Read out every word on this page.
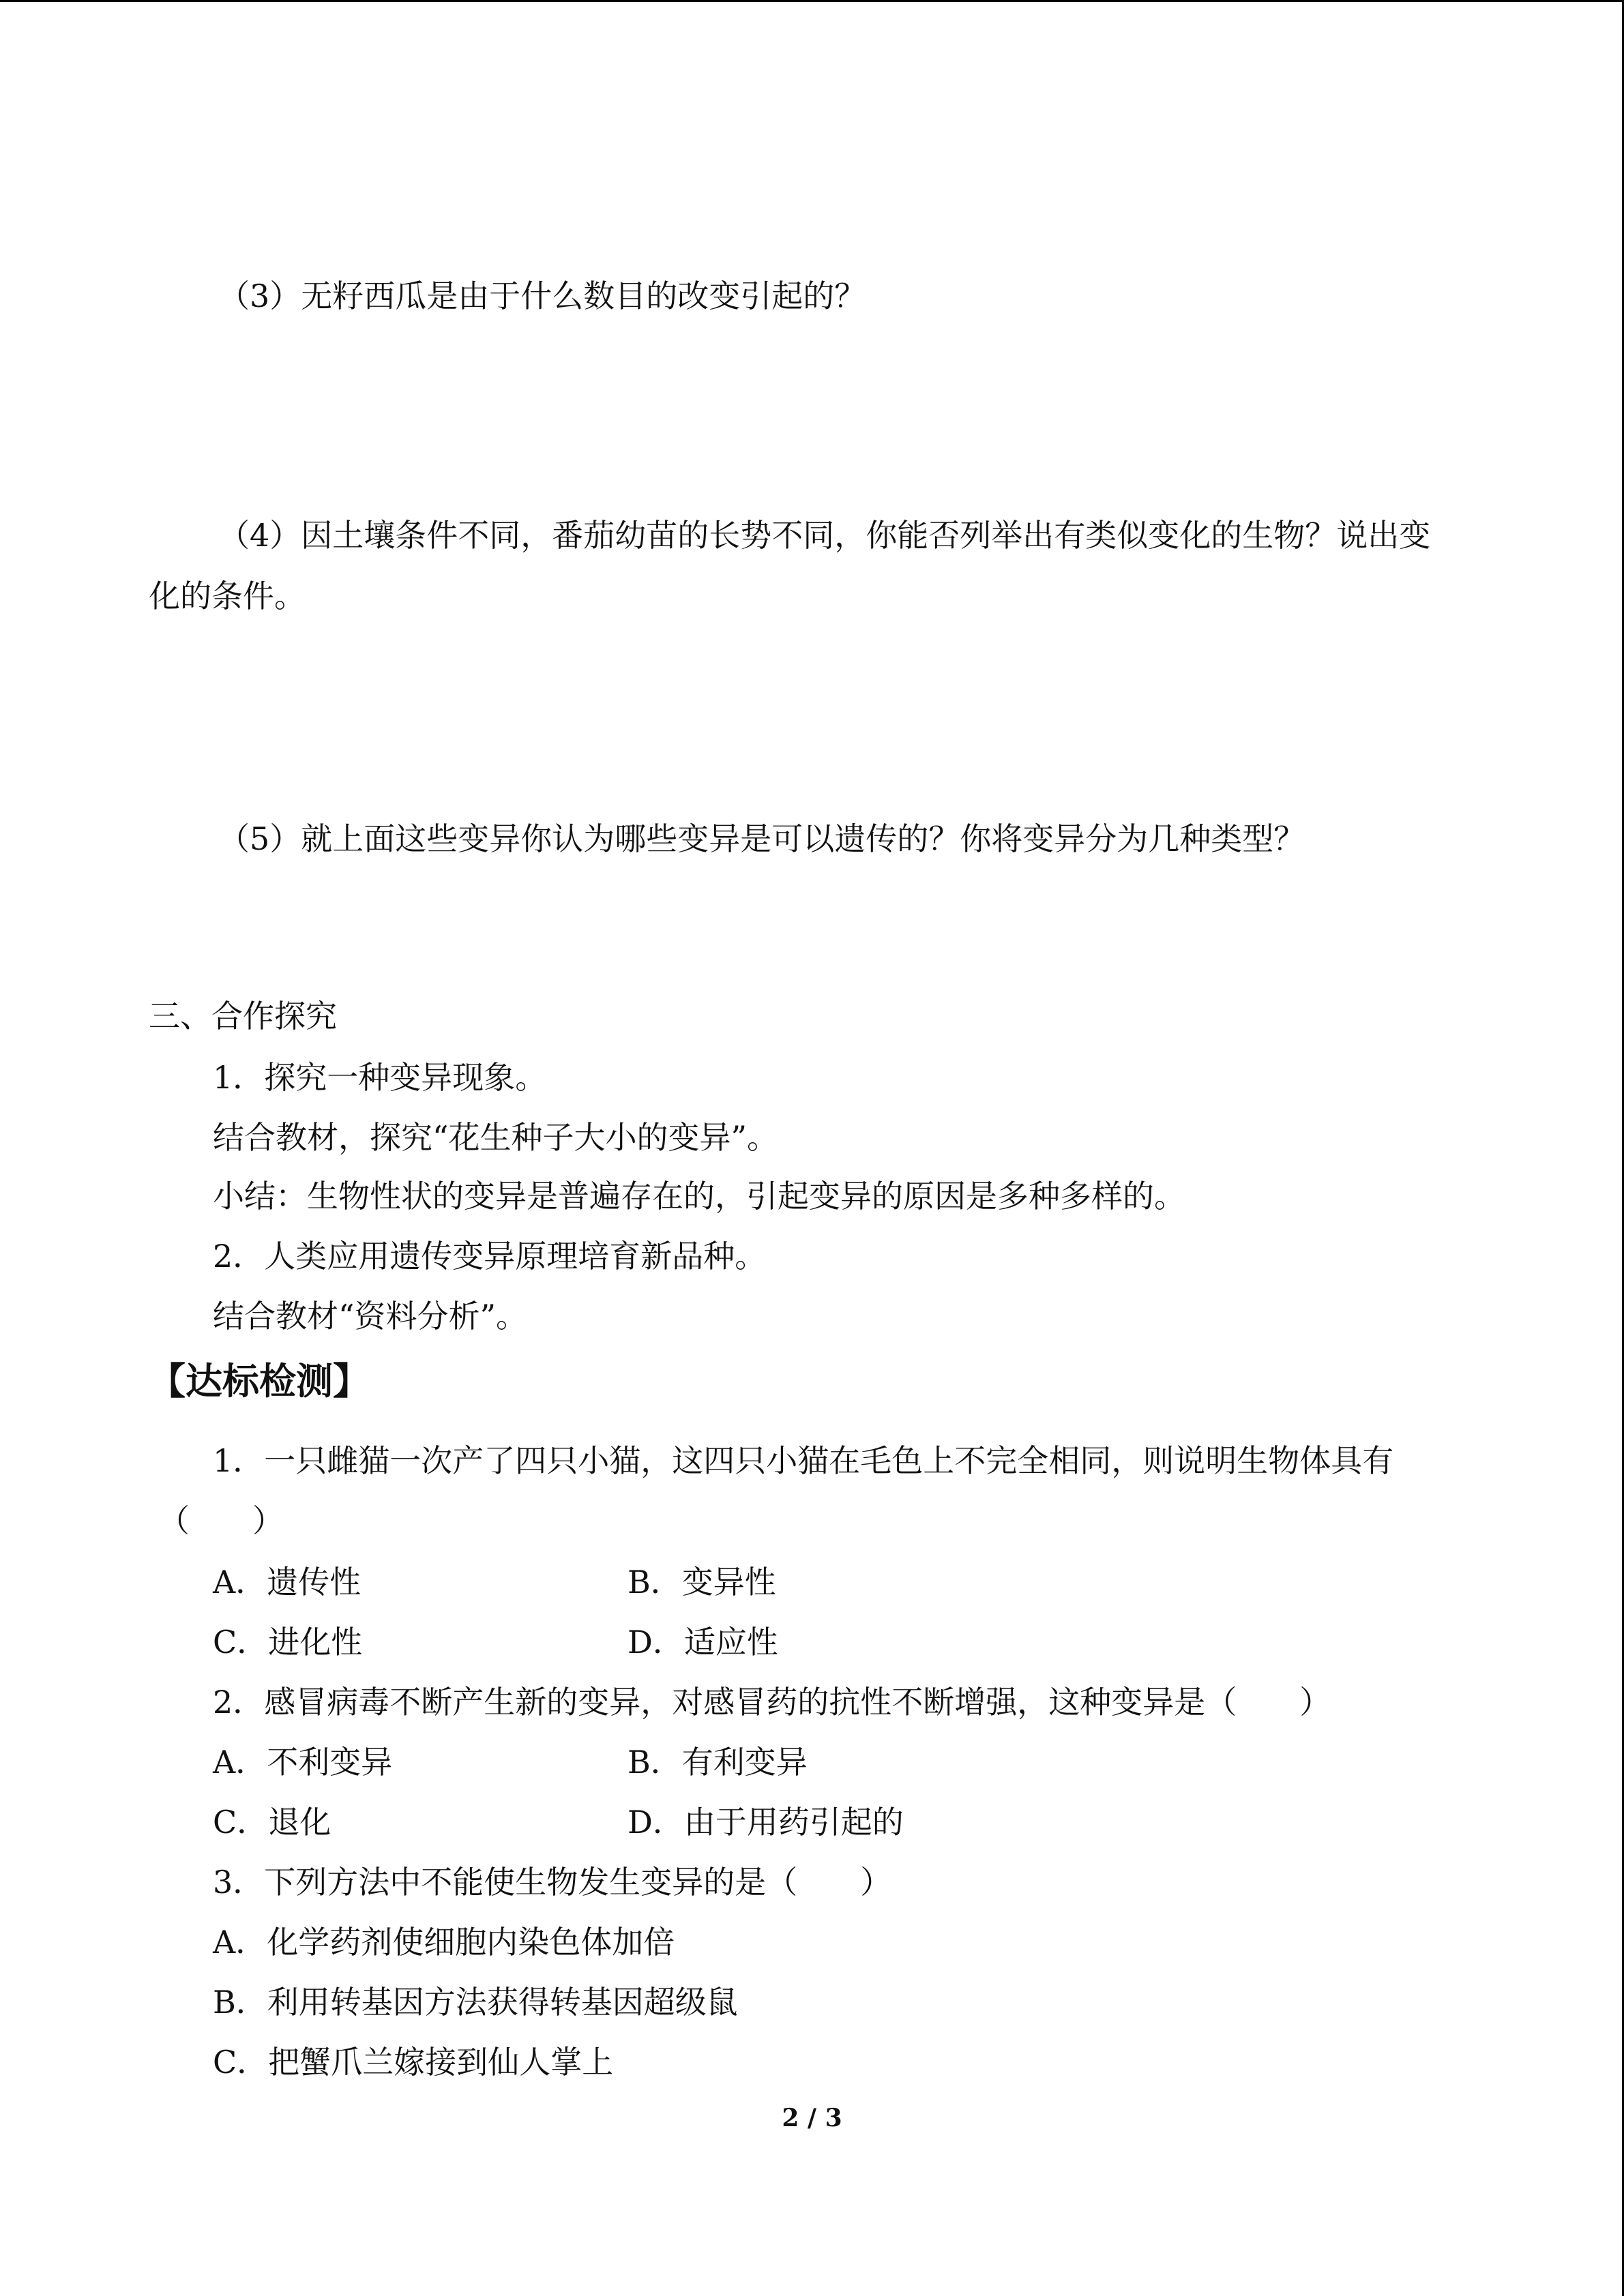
（3）无籽西瓜是由于什么数目的改变引起的？
（4）因土壤条件不同，番茄幼苗的长势不同，你能否列举出有类似变化的生物？说出变
化的条件。
（5）就上面这些变异你认为哪些变异是可以遗传的？你将变异分为几种类型？
三、合作探究
1．探究一种变异现象。
结合教材，探究“花生种子大小的变异”。
小结：生物性状的变异是普遍存在的，引起变异的原因是多种多样的。
2．人类应用遗传变异原理培育新品种。
结合教材“资料分析”。
【达标检测】
1．一只雌猫一次产了四只小猫，这四只小猫在毛色上不完全相同，则说明生物体具有
（　　）
A．遗传性	B．变异性
C．进化性	D．适应性
2．感冒病毒不断产生新的变异，对感冒药的抗性不断增强，这种变异是（　　）
A．不利变异	B．有利变异
C．退化	D．由于用药引起的
3．下列方法中不能使生物发生变异的是（　　）
A．化学药剂使细胞内染色体加倍
B．利用转基因方法获得转基因超级鼠
C．把蟹爪兰嫁接到仙人掌上
2 / 3
